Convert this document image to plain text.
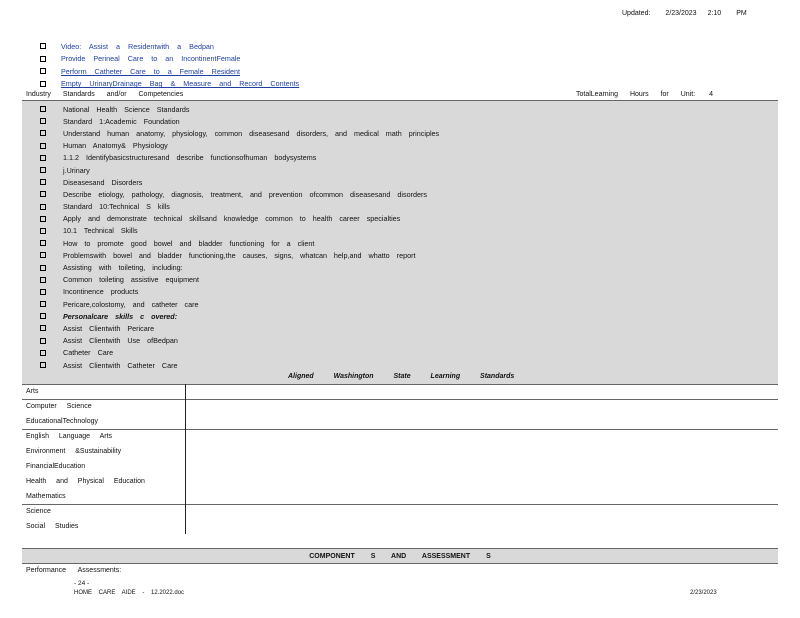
Updated: 2/23/2023 2:10 PM
Video: Assist a Residentwith a Bedpan
Provide Perineal Care to an IncontinentFemale
Perform Catheter Care to a Female Resident
Empty UrinaryDrainage Bag & Measure and Record Contents
Industry Standards and/or Competencies	TotalLearning Hours for Unit: 4
National Health Science Standards
Standard 1:Academic Foundation
Understand human anatomy, physiology, common diseasesand disorders, and medical math principles
Human Anatomy& Physiology
1.1.2 Identifybasicstructuresand describe functionsofhuman bodysystems
j.Urinary
Diseasesand Disorders
Describe etiology, pathology, diagnosis, treatment, and prevention ofcommon diseasesand disorders
Standard 10:Technical S kills
Apply and demonstrate technical skillsand knowledge common to health career specialties
10.1 Technical Skills
How to promote good bowel and bladder functioning for a client
Problemswith bowel and bladder functioning,the causes, signs, whatcan help,and whatto report
Assisting with toileting, including:
Common toileting assistive equipment
Incontinence products
Pericare,colostomy, and catheter care
Personalcare skills c overed:
Assist Clientwith Pericare
Assist Clientwith Use ofBedpan
Catheter Care
Assist Clientwith Catheter Care
Aligned Washington State Learning Standards
Arts
Computer Science
EducationalTechnology
English Language Arts
Environment &Sustainability
FinancialEducation
Health and Physical Education
Mathematics
Science
Social Studies
COMPONENT S AND ASSESSMENT S
Performance Assessments:
- 24 -
HOME CARE AIDE - 12.2022.doc	2/23/2023
